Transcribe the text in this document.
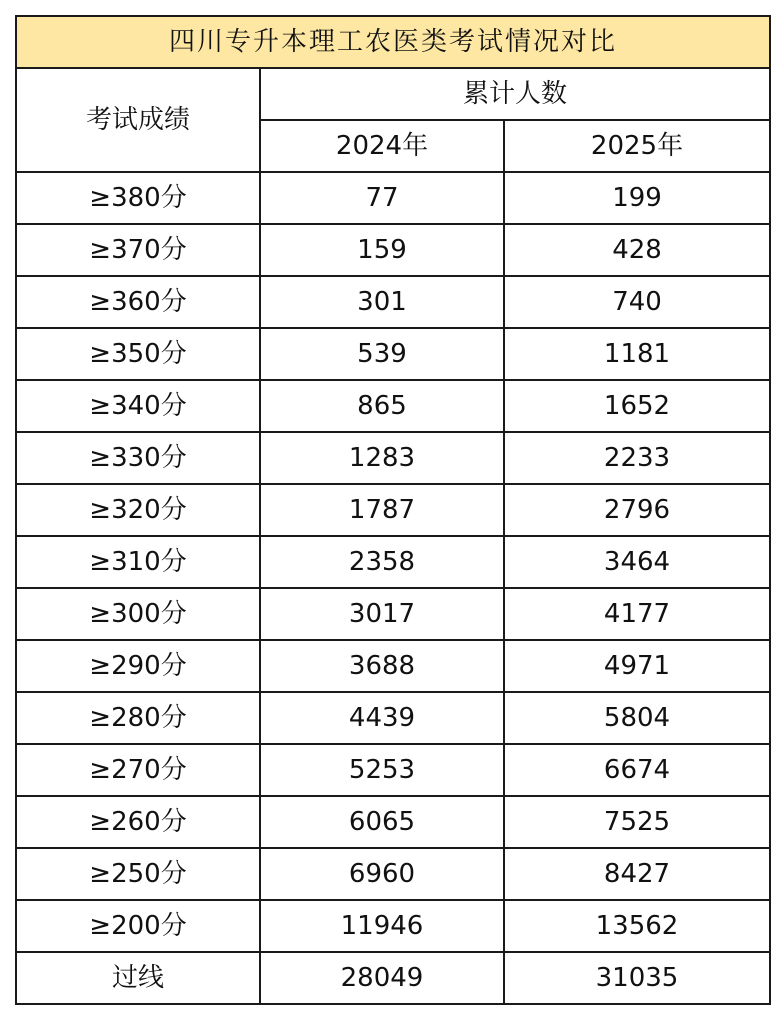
四川专升本理工农医类考试情况对比		
考试成绩	累计人数	
	2024年	2025年
≥380分	77	199
≥370分	159	428
≥360分	301	740
≥350分	539	1181
≥340分	865	1652
≥330分	1283	2233
≥320分	1787	2796
≥310分	2358	3464
≥300分	3017	4177
≥290分	3688	4971
≥280分	4439	5804
≥270分	5253	6674
≥260分	6065	7525
≥250分	6960	8427
≥200分	11946	13562
过线	28049	31035
